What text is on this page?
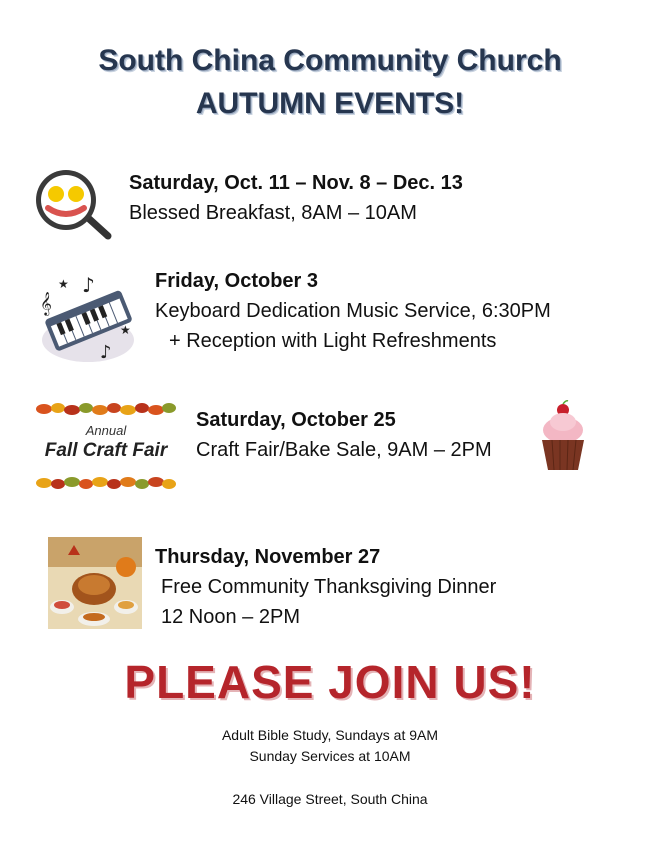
South China Community Church
AUTUMN EVENTS!
Saturday, Oct. 11 – Nov. 8 – Dec. 13
Blessed Breakfast, 8AM – 10AM
𝄞
♪
♪
★
★
Friday, October 3
Keyboard Dedication Music Service, 6:30PM
+ Reception with Light Refreshments
Annual
Fall Craft Fair
Saturday, October 25
Craft Fair/Bake Sale, 9AM – 2PM
Thursday, November 27
Free Community Thanksgiving Dinner
12 Noon – 2PM
PLEASE JOIN US!
Adult Bible Study, Sundays at 9AM
Sunday Services at 10AM
246 Village Street, South China
